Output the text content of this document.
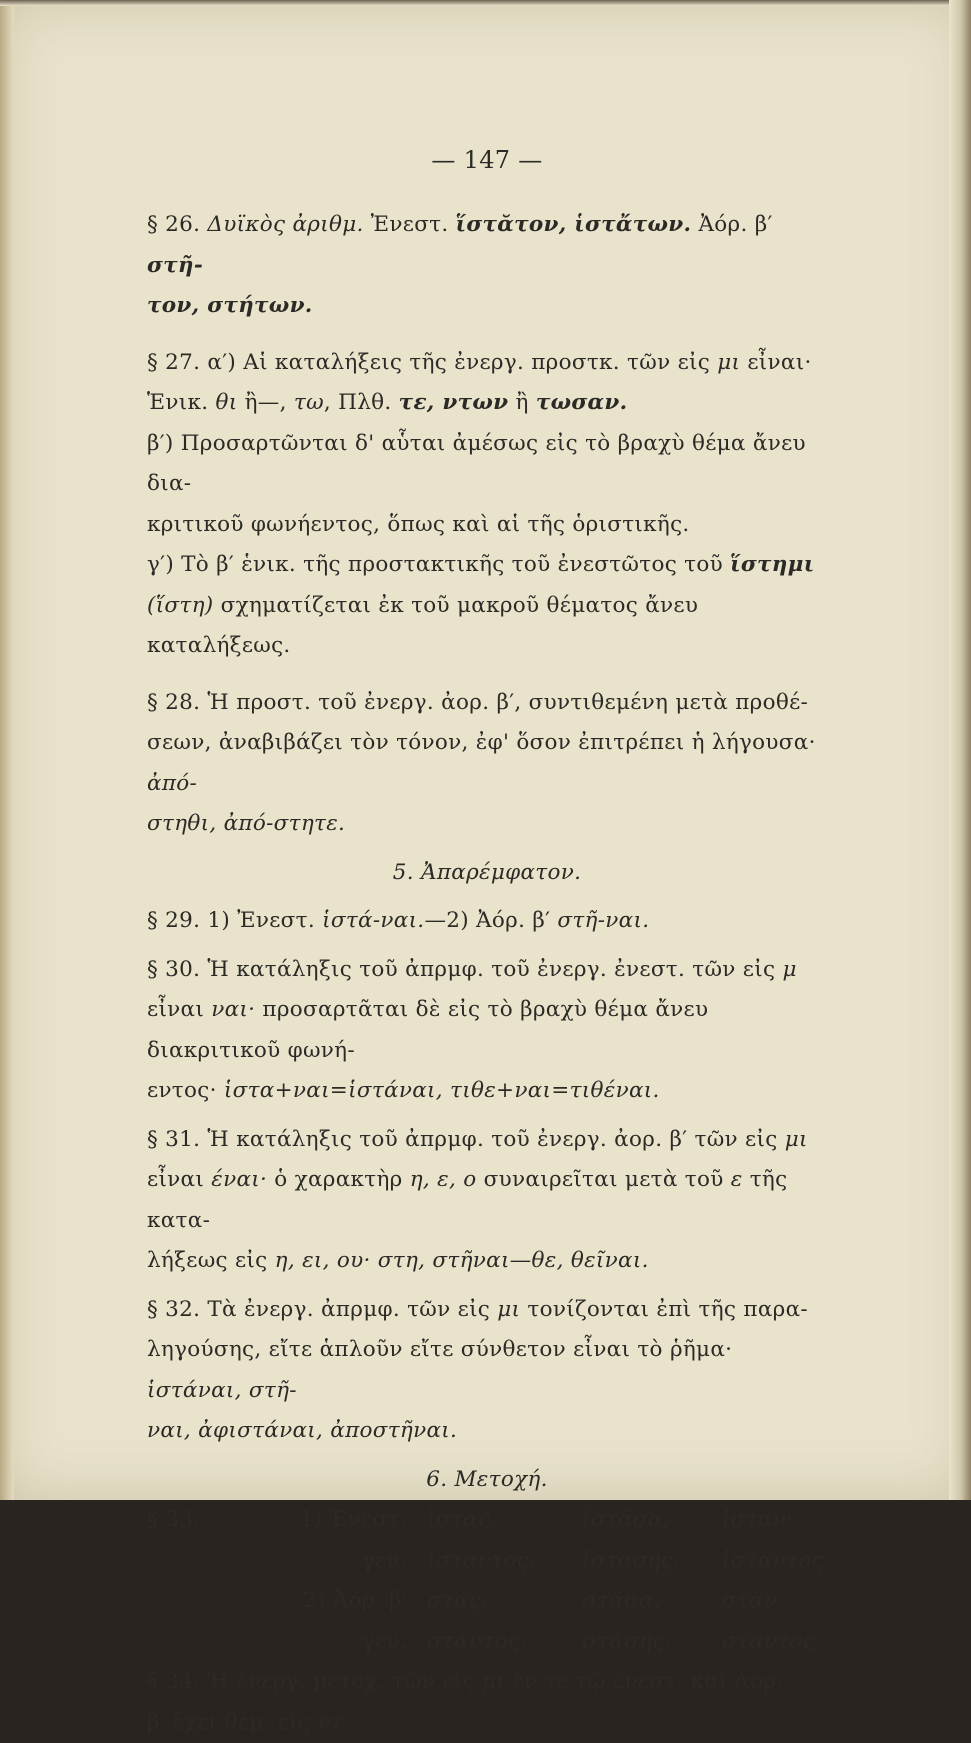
— 147 —

§ 26. Δυϊκὸς ἀριθμ. Ἐνεστ. ἵστᾰτον, ἱστἄτων. Ἀόρ. β′ στῆ-

τον, στήτων.

§ 27. α′) Αἱ καταλήξεις τῆς ἐνεργ. προστκ. τῶν εἰς μι εἶναι·

Ἑνικ. θι ἢ—, τω, Πλθ. τε, ντων ἢ τωσαν.

β′) Προσαρτῶνται δ' αὗται ἀμέσως εἰς τὸ βραχὺ θέμα ἄνευ δια-

κριτικοῦ φωνήεντος, ὅπως καὶ αἱ τῆς ὁριστικῆς.

γ′) Τὸ β′ ἑνικ. τῆς προστακτικῆς τοῦ ἐνεστῶτος τοῦ ἵστημι

(ἵστη) σχηματίζεται ἐκ τοῦ μακροῦ θέματος ἄνευ καταλήξεως.

§ 28. Ἡ προστ. τοῦ ἐνεργ. ἀορ. β′, συντιθεμένη μετὰ προθέ-

σεων, ἀναβιβάζει τὸν τόνον, ἐφ' ὅσον ἐπιτρέπει ἡ λήγουσα· ἀπό-

στηθι, ἀπό-στητε.

5. Ἀπαρέμφατον.

§ 29. 1) Ἐνεστ. ἱστά-ναι.—2) Ἀόρ. β′ στῆ-ναι.

§ 30. Ἡ κατάληξις τοῦ ἀπρμφ. τοῦ ἐνεργ. ἐνεστ. τῶν εἰς μ

εἶναι ναι· προσαρτᾶται δὲ εἰς τὸ βραχὺ θέμα ἄνευ διακριτικοῦ φωνή-

εντος· ἱστα+ναι=ἱστάναι, τιθε+ναι=τιθέναι.

§ 31. Ἡ κατάληξις τοῦ ἀπρμφ. τοῦ ἐνεργ. ἀορ. β′ τῶν εἰς μι

εἶναι έναι· ὁ χαρακτὴρ η, ε, ο συναιρεῖται μετὰ τοῦ ε τῆς κατα-

λήξεως εἰς η, ει, ου· στη, στῆναι—θε, θεῖναι.

§ 32. Τὰ ἐνεργ. ἀπρμφ. τῶν εἰς μι τονίζονται ἐπὶ τῆς παρα-

ληγούσης, εἴτε ἁπλοῦν εἴτε σύνθετον εἶναι τὸ ῥῆμα· ἱστάναι, στῆ-

ναι, ἀφιστάναι, ἀποστῆναι.

6. Μετοχή.
§ 33.	1) Ἐνεστ.	ἱστάς,	ἱστᾶσα,	ἱστάν·
	γεν.	ἱστάντος,	ἱστάσης,	ἱστάντος
	2) Ἀόρ. β′	στάς,	στᾶσα,	στάν·
	γεν.	στάντος,	στάσης,	στάντος.

§ 34. Ἡ ἐνεργ. μετοχ. τῶν εἰς μι ἔν τε τῷ ἐνεστ. καὶ ἀορ.

β′ ἔχει θέμ. εἰς ντ.
